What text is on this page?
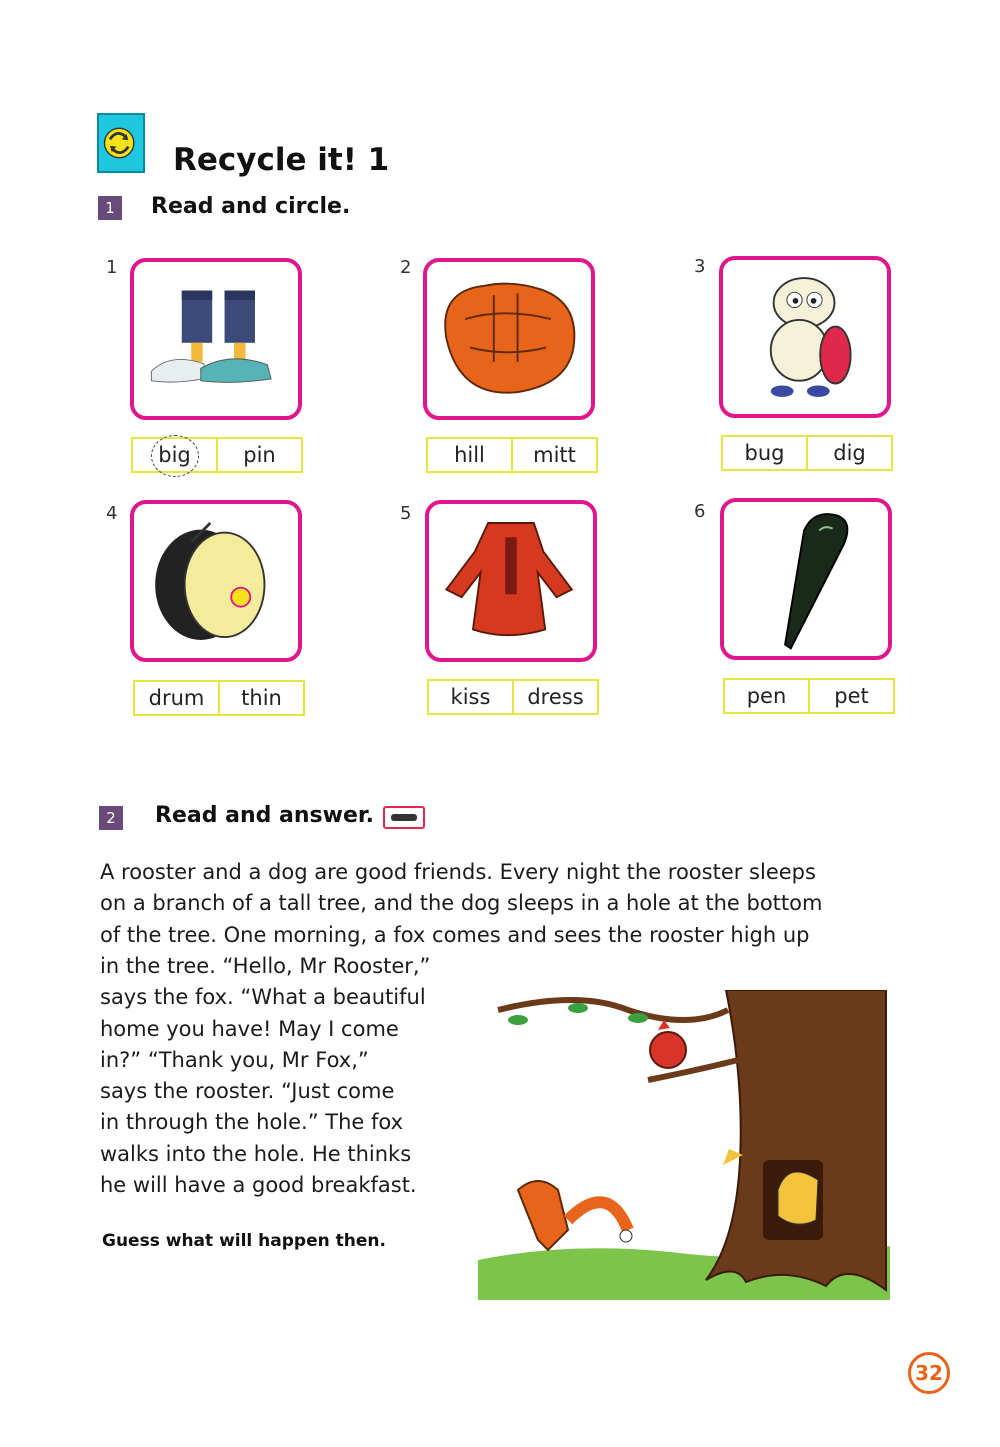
Recycle it! 1
1	Read and circle.
1
big	pin
2
hill	mitt
3
bug	dig
4
drum	thin
5
kiss	dress
6
pen	pet
2	Read and answer.
A rooster and a dog are good friends. Every night the rooster sleeps
on a branch of a tall tree, and the dog sleeps in a hole at the bottom
of the tree. One morning, a fox comes and sees the rooster high up
in the tree. “Hello, Mr Rooster,”
says the fox. “What a beautiful
home you have! May I come
in?” “Thank you, Mr Fox,”
says the rooster. “Just come
in through the hole.” The fox
walks into the hole. He thinks
he will have a good breakfast.
Guess what will happen then.
32
